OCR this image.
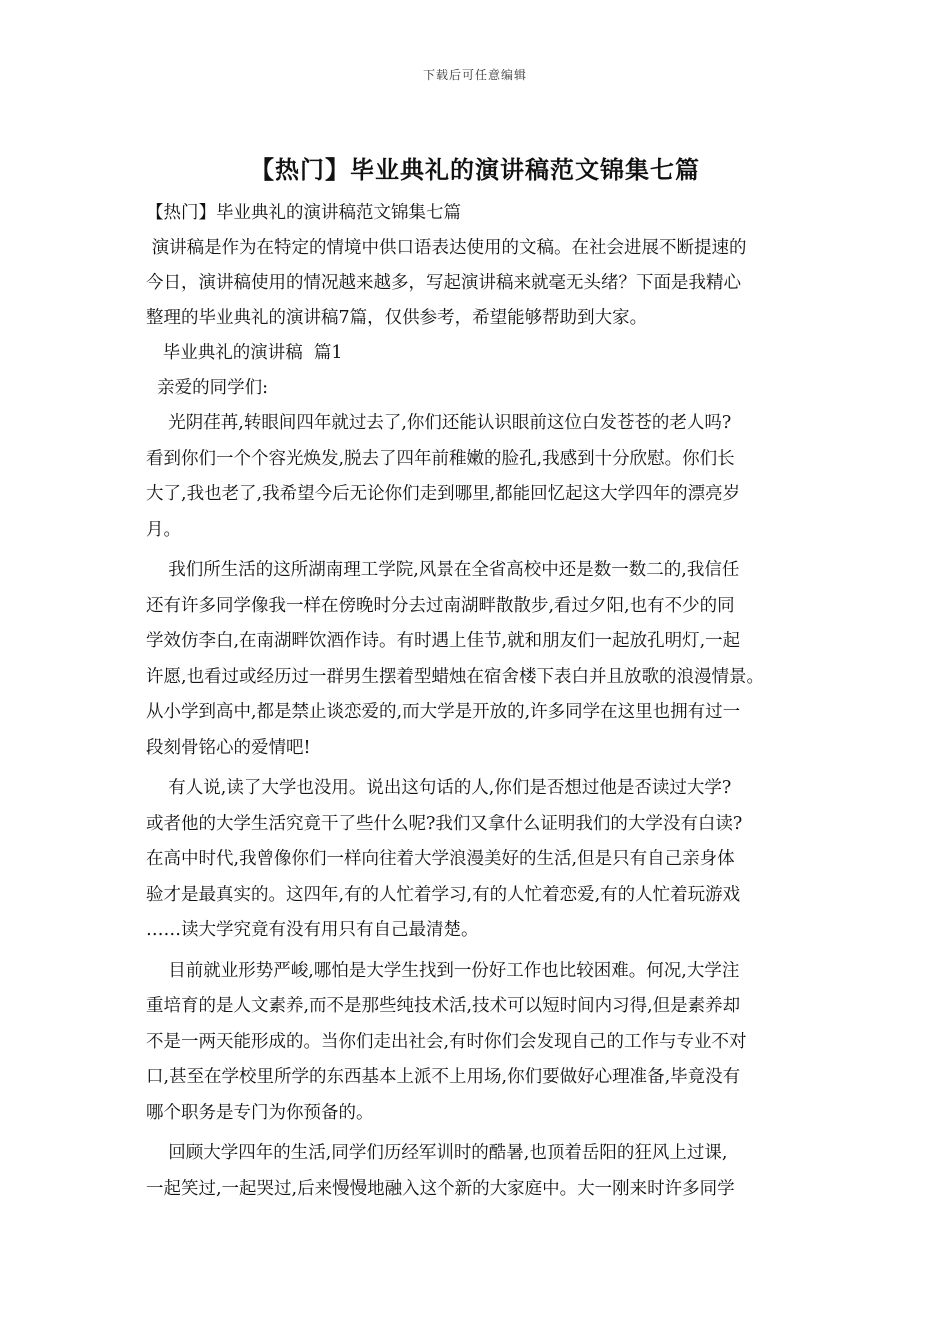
下载后可任意编辑
【热门】毕业典礼的演讲稿范文锦集七篇
【热门】毕业典礼的演讲稿范文锦集七篇
演讲稿是作为在特定的情境中供口语表达使用的文稿。在社会进展不断提速的
今日，演讲稿使用的情况越来越多，写起演讲稿来就毫无头绪？下面是我精心
整理的毕业典礼的演讲稿7篇，仅供参考，希望能够帮助到大家。
毕业典礼的演讲稿  篇1
亲爱的同学们:
光阴荏苒,转眼间四年就过去了,你们还能认识眼前这位白发苍苍的老人吗?
看到你们一个个容光焕发,脱去了四年前稚嫩的脸孔,我感到十分欣慰。你们长
大了,我也老了,我希望今后无论你们走到哪里,都能回忆起这大学四年的漂亮岁
月。
我们所生活的这所湖南理工学院,风景在全省高校中还是数一数二的,我信任
还有许多同学像我一样在傍晚时分去过南湖畔散散步,看过夕阳,也有不少的同
学效仿李白,在南湖畔饮酒作诗。有时遇上佳节,就和朋友们一起放孔明灯,一起
许愿,也看过或经历过一群男生摆着型蜡烛在宿舍楼下表白并且放歌的浪漫情景。
从小学到高中,都是禁止谈恋爱的,而大学是开放的,许多同学在这里也拥有过一
段刻骨铭心的爱情吧!
有人说,读了大学也没用。说出这句话的人,你们是否想过他是否读过大学?
或者他的大学生活究竟干了些什么呢?我们又拿什么证明我们的大学没有白读?
在高中时代,我曾像你们一样向往着大学浪漫美好的生活,但是只有自己亲身体
验才是最真实的。这四年,有的人忙着学习,有的人忙着恋爱,有的人忙着玩游戏
……读大学究竟有没有用只有自己最清楚。
目前就业形势严峻,哪怕是大学生找到一份好工作也比较困难。何况,大学注
重培育的是人文素养,而不是那些纯技术活,技术可以短时间内习得,但是素养却
不是一两天能形成的。当你们走出社会,有时你们会发现自己的工作与专业不对
口,甚至在学校里所学的东西基本上派不上用场,你们要做好心理准备,毕竟没有
哪个职务是专门为你预备的。
回顾大学四年的生活,同学们历经军训时的酷暑,也顶着岳阳的狂风上过课,
一起笑过,一起哭过,后来慢慢地融入这个新的大家庭中。大一刚来时许多同学
